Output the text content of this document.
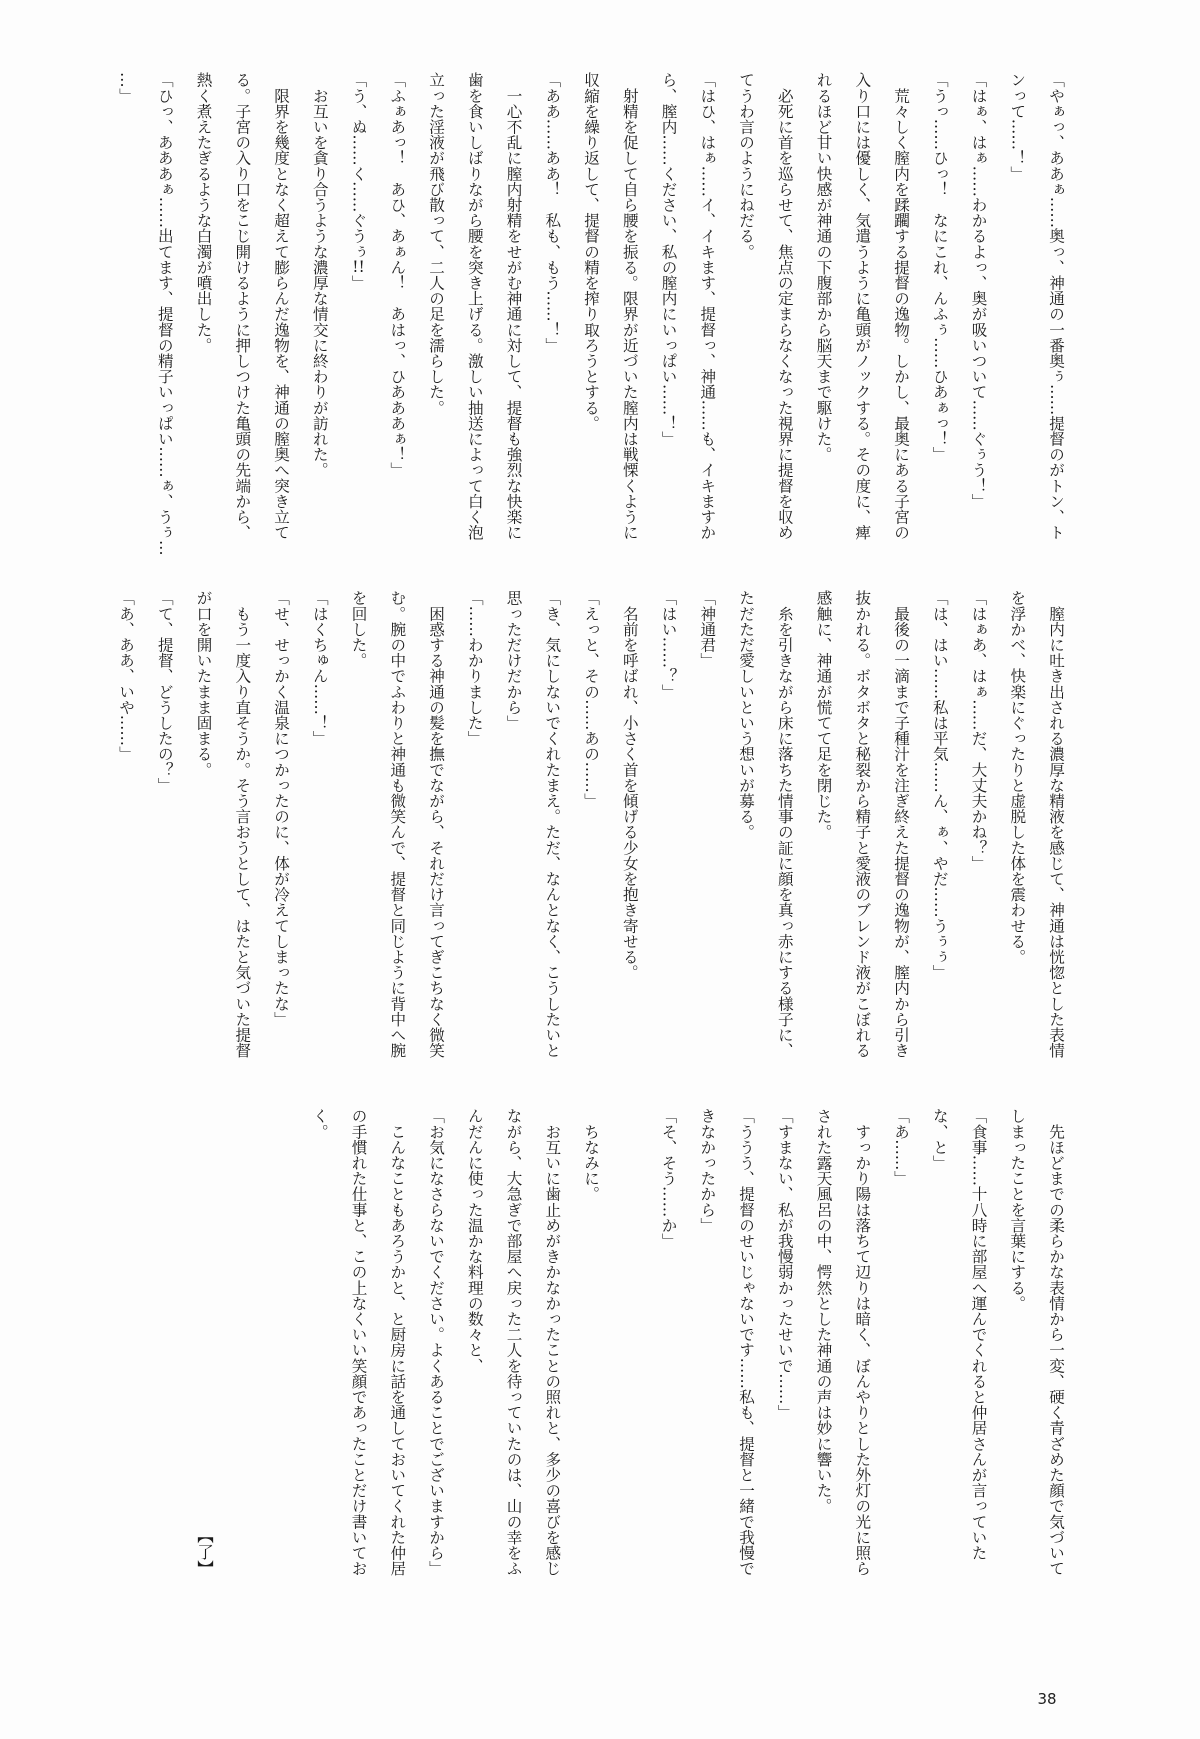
「やぁっ、ああぁ……奥っ、神通の一番奥ぅ……提督のがトン、ト

ンって……！」

「はぁ、はぁ……わかるよっ、奥が吸いついて……ぐぅう！」

「うっ……ひっ！　なにこれ、んふぅ……ひあぁっ！」

　荒々しく膣内を蹂躙する提督の逸物。しかし、最奥にある子宮の

入り口には優しく、気遣うように亀頭がノックする。その度に、痺

れるほど甘い快感が神通の下腹部から脳天まで駆けた。

　必死に首を巡らせて、焦点の定まらなくなった視界に提督を収め

てうわ言のようにねだる。

「はひ、はぁ……イ、イキます、提督っ、神通……も、イキますか

ら、膣内……ください、私の膣内にいっぱい……！」

　射精を促して自ら腰を振る。限界が近づいた膣内は戦慄くように

収縮を繰り返して、提督の精を搾り取ろうとする。

「ああ……ああ！　私も、もう……！」

　一心不乱に膣内射精をせがむ神通に対して、提督も強烈な快楽に

歯を食いしばりながら腰を突き上げる。激しい抽送によって白く泡

立った淫液が飛び散って、二人の足を濡らした。

「ふぁあっ！　あひ、あぁん！　あはっ、ひあああぁ！」

「う、ぬ……く……ぐうぅ!!」

　お互いを貪り合うような濃厚な情交に終わりが訪れた。

　限界を幾度となく超えて膨らんだ逸物を、神通の膣奥へ突き立て

る。子宮の入り口をこじ開けるように押しつけた亀頭の先端から、

熱く煮えたぎるような白濁が噴出した。

「ひっ、あああぁ……出てます、提督の精子いっぱい……ぁ、うぅ…

…」

　膣内に吐き出される濃厚な精液を感じて、神通は恍惚とした表情

を浮かべ、快楽にぐったりと虚脱した体を震わせる。

「はぁあ、はぁ……だ、大丈夫かね？」

「は、はい……私は平気……ん、ぁ、やだ……うぅぅ」

　最後の一滴まで子種汁を注ぎ終えた提督の逸物が、膣内から引き

抜かれる。ボタボタと秘裂から精子と愛液のブレンド液がこぼれる

感触に、神通が慌てて足を閉じた。

　糸を引きながら床に落ちた情事の証に顔を真っ赤にする様子に、

ただただ愛しいという想いが募る。

「神通君」

「はい……？」

　名前を呼ばれ、小さく首を傾げる少女を抱き寄せる。

「えっと、その……あの……」

「き、気にしないでくれたまえ。ただ、なんとなく、こうしたいと

思っただけだから」

「……わかりました」

　困惑する神通の髪を撫でながら、それだけ言ってぎこちなく微笑

む。腕の中でふわりと神通も微笑んで、提督と同じように背中へ腕

を回した。

「はくちゅん……！」

「せ、せっかく温泉につかったのに、体が冷えてしまったな」

　もう一度入り直そうか。そう言おうとして、はたと気づいた提督

が口を開いたまま固まる。

「て、提督、どうしたの？」

「あ、ああ、いや……」

　先ほどまでの柔らかな表情から一変、硬く青ざめた顔で気づいて

しまったことを言葉にする。

「食事……十八時に部屋へ運んでくれると仲居さんが言っていた

な、と」

「あ……」

　すっかり陽は落ちて辺りは暗く、ぼんやりとした外灯の光に照ら

された露天風呂の中、愕然とした神通の声は妙に響いた。

「すまない、私が我慢弱かったせいで……」

「ううう、提督のせいじゃないです……私も、提督と一緒で我慢で

きなかったから」

「そ、そう……か」

　ちなみに。

　お互いに歯止めがきかなかったことの照れと、多少の喜びを感じ

ながら、大急ぎで部屋へ戻った二人を待っていたのは、山の幸をふ

んだんに使った温かな料理の数々と、

「お気になさらないでください。よくあることでございますから」

　こんなこともあろうかと、と厨房に話を通しておいてくれた仲居

の手慣れた仕事と、この上なくいい笑顔であったことだけ書いてお

く。

【了】

38
